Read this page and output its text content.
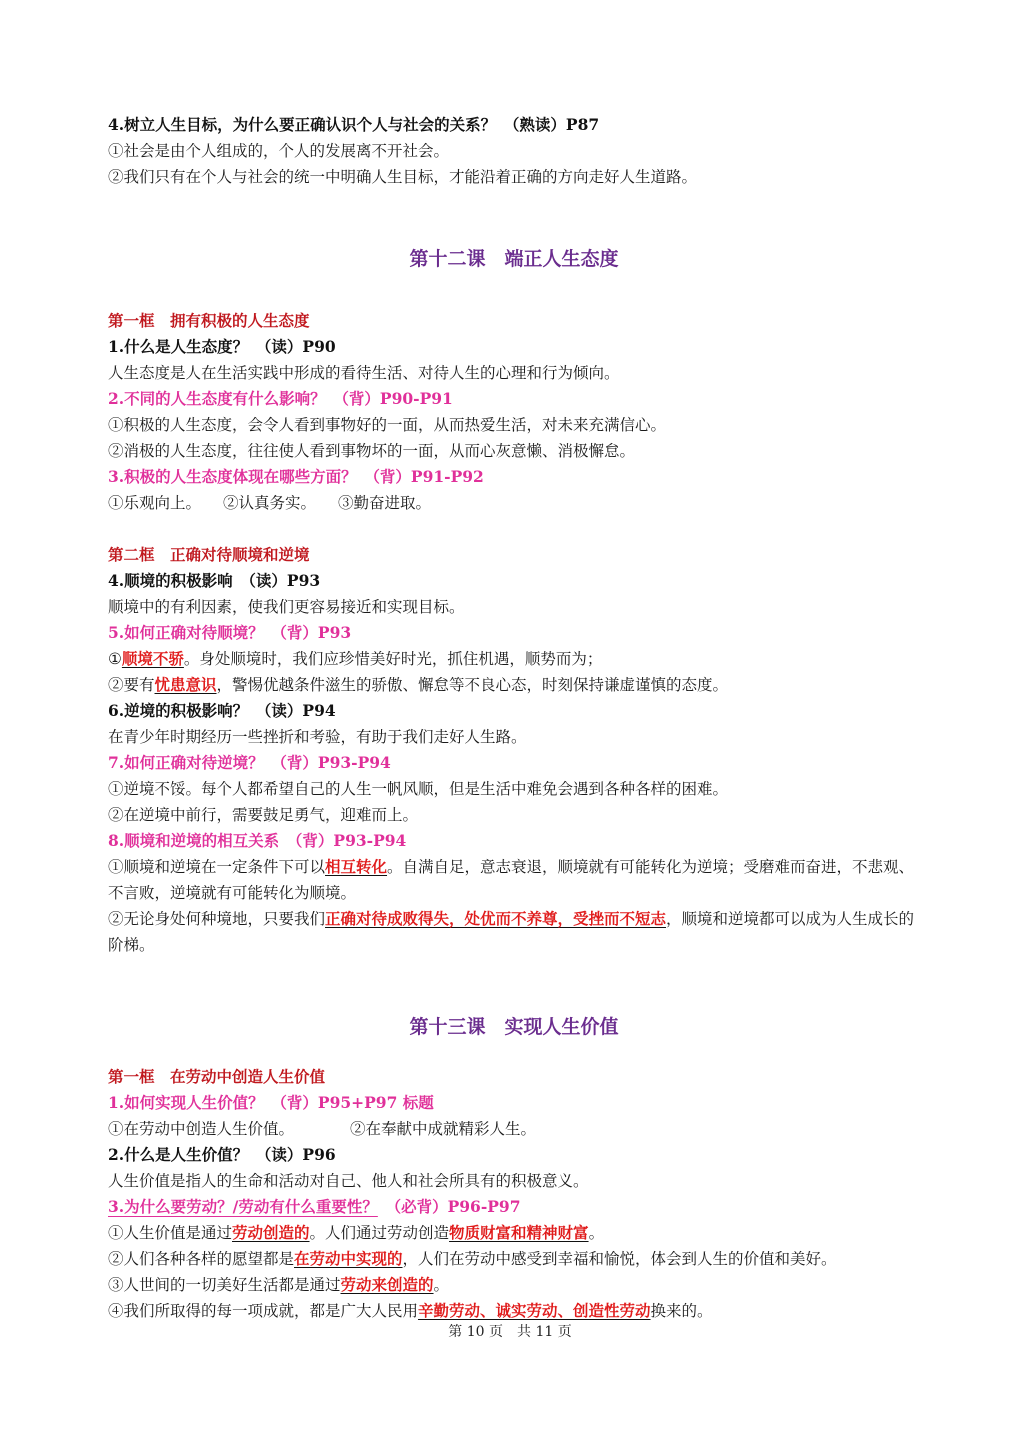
4.树立人生目标，为什么要正确认识个人与社会的关系？　（熟读）P87
①社会是由个人组成的，个人的发展离不开社会。
②我们只有在个人与社会的统一中明确人生目标，才能沿着正确的方向走好人生道路。
第十二课　端正人生态度
第一框　拥有积极的人生态度
1.什么是人生态度？　（读）P90
人生态度是人在生活实践中形成的看待生活、对待人生的心理和行为倾向。
2.不同的人生态度有什么影响？　（背）P90-P91
①积极的人生态度，会令人看到事物好的一面，从而热爱生活，对未来充满信心。
②消极的人生态度，往往使人看到事物坏的一面，从而心灰意懒、消极懈怠。
3.积极的人生态度体现在哪些方面？　（背）P91-P92
①乐观向上。 ②认真务实。 ③勤奋进取。
第二框　正确对待顺境和逆境
4.顺境的积极影响　（读）P93
顺境中的有利因素，使我们更容易接近和实现目标。
5.如何正确对待顺境？　（背）P93
①顺境不骄。身处顺境时，我们应珍惜美好时光，抓住机遇，顺势而为；
②要有忧患意识，警惕优越条件滋生的骄傲、懈怠等不良心态，时刻保持谦虚谨慎的态度。
6.逆境的积极影响？　（读）P94
在青少年时期经历一些挫折和考验，有助于我们走好人生路。
7.如何正确对待逆境？　（背）P93-P94
①逆境不馁。每个人都希望自己的人生一帆风顺，但是生活中难免会遇到各种各样的困难。
②在逆境中前行，需要鼓足勇气，迎难而上。
8.顺境和逆境的相互关系　（背）P93-P94
①顺境和逆境在一定条件下可以相互转化。自满自足，意志衰退，顺境就有可能转化为逆境；受磨难而奋进，不悲观、不言败，逆境就有可能转化为顺境。
②无论身处何种境地，只要我们正确对待成败得失，处优而不养尊，受挫而不短志，顺境和逆境都可以成为人生成长的阶梯。
第十三课　实现人生价值
第一框　在劳动中创造人生价值
1.如何实现人生价值？　（背）P95+P97 标题
①在劳动中创造人生价值。	②在奉献中成就精彩人生。
2.什么是人生价值？　（读）P96
人生价值是指人的生命和活动对自己、他人和社会所具有的积极意义。
3.为什么要劳动？/劳动有什么重要性？　 （必背）P96-P97
①人生价值是通过劳动创造的。人们通过劳动创造物质财富和精神财富。
②人们各种各样的愿望都是在劳动中实现的，人们在劳动中感受到幸福和愉悦，体会到人生的价值和美好。
③人世间的一切美好生活都是通过劳动来创造的。
④我们所取得的每一项成就，都是广大人民用辛勤劳动、诚实劳动、创造性劳动换来的。
第 10 页　共 11 页
